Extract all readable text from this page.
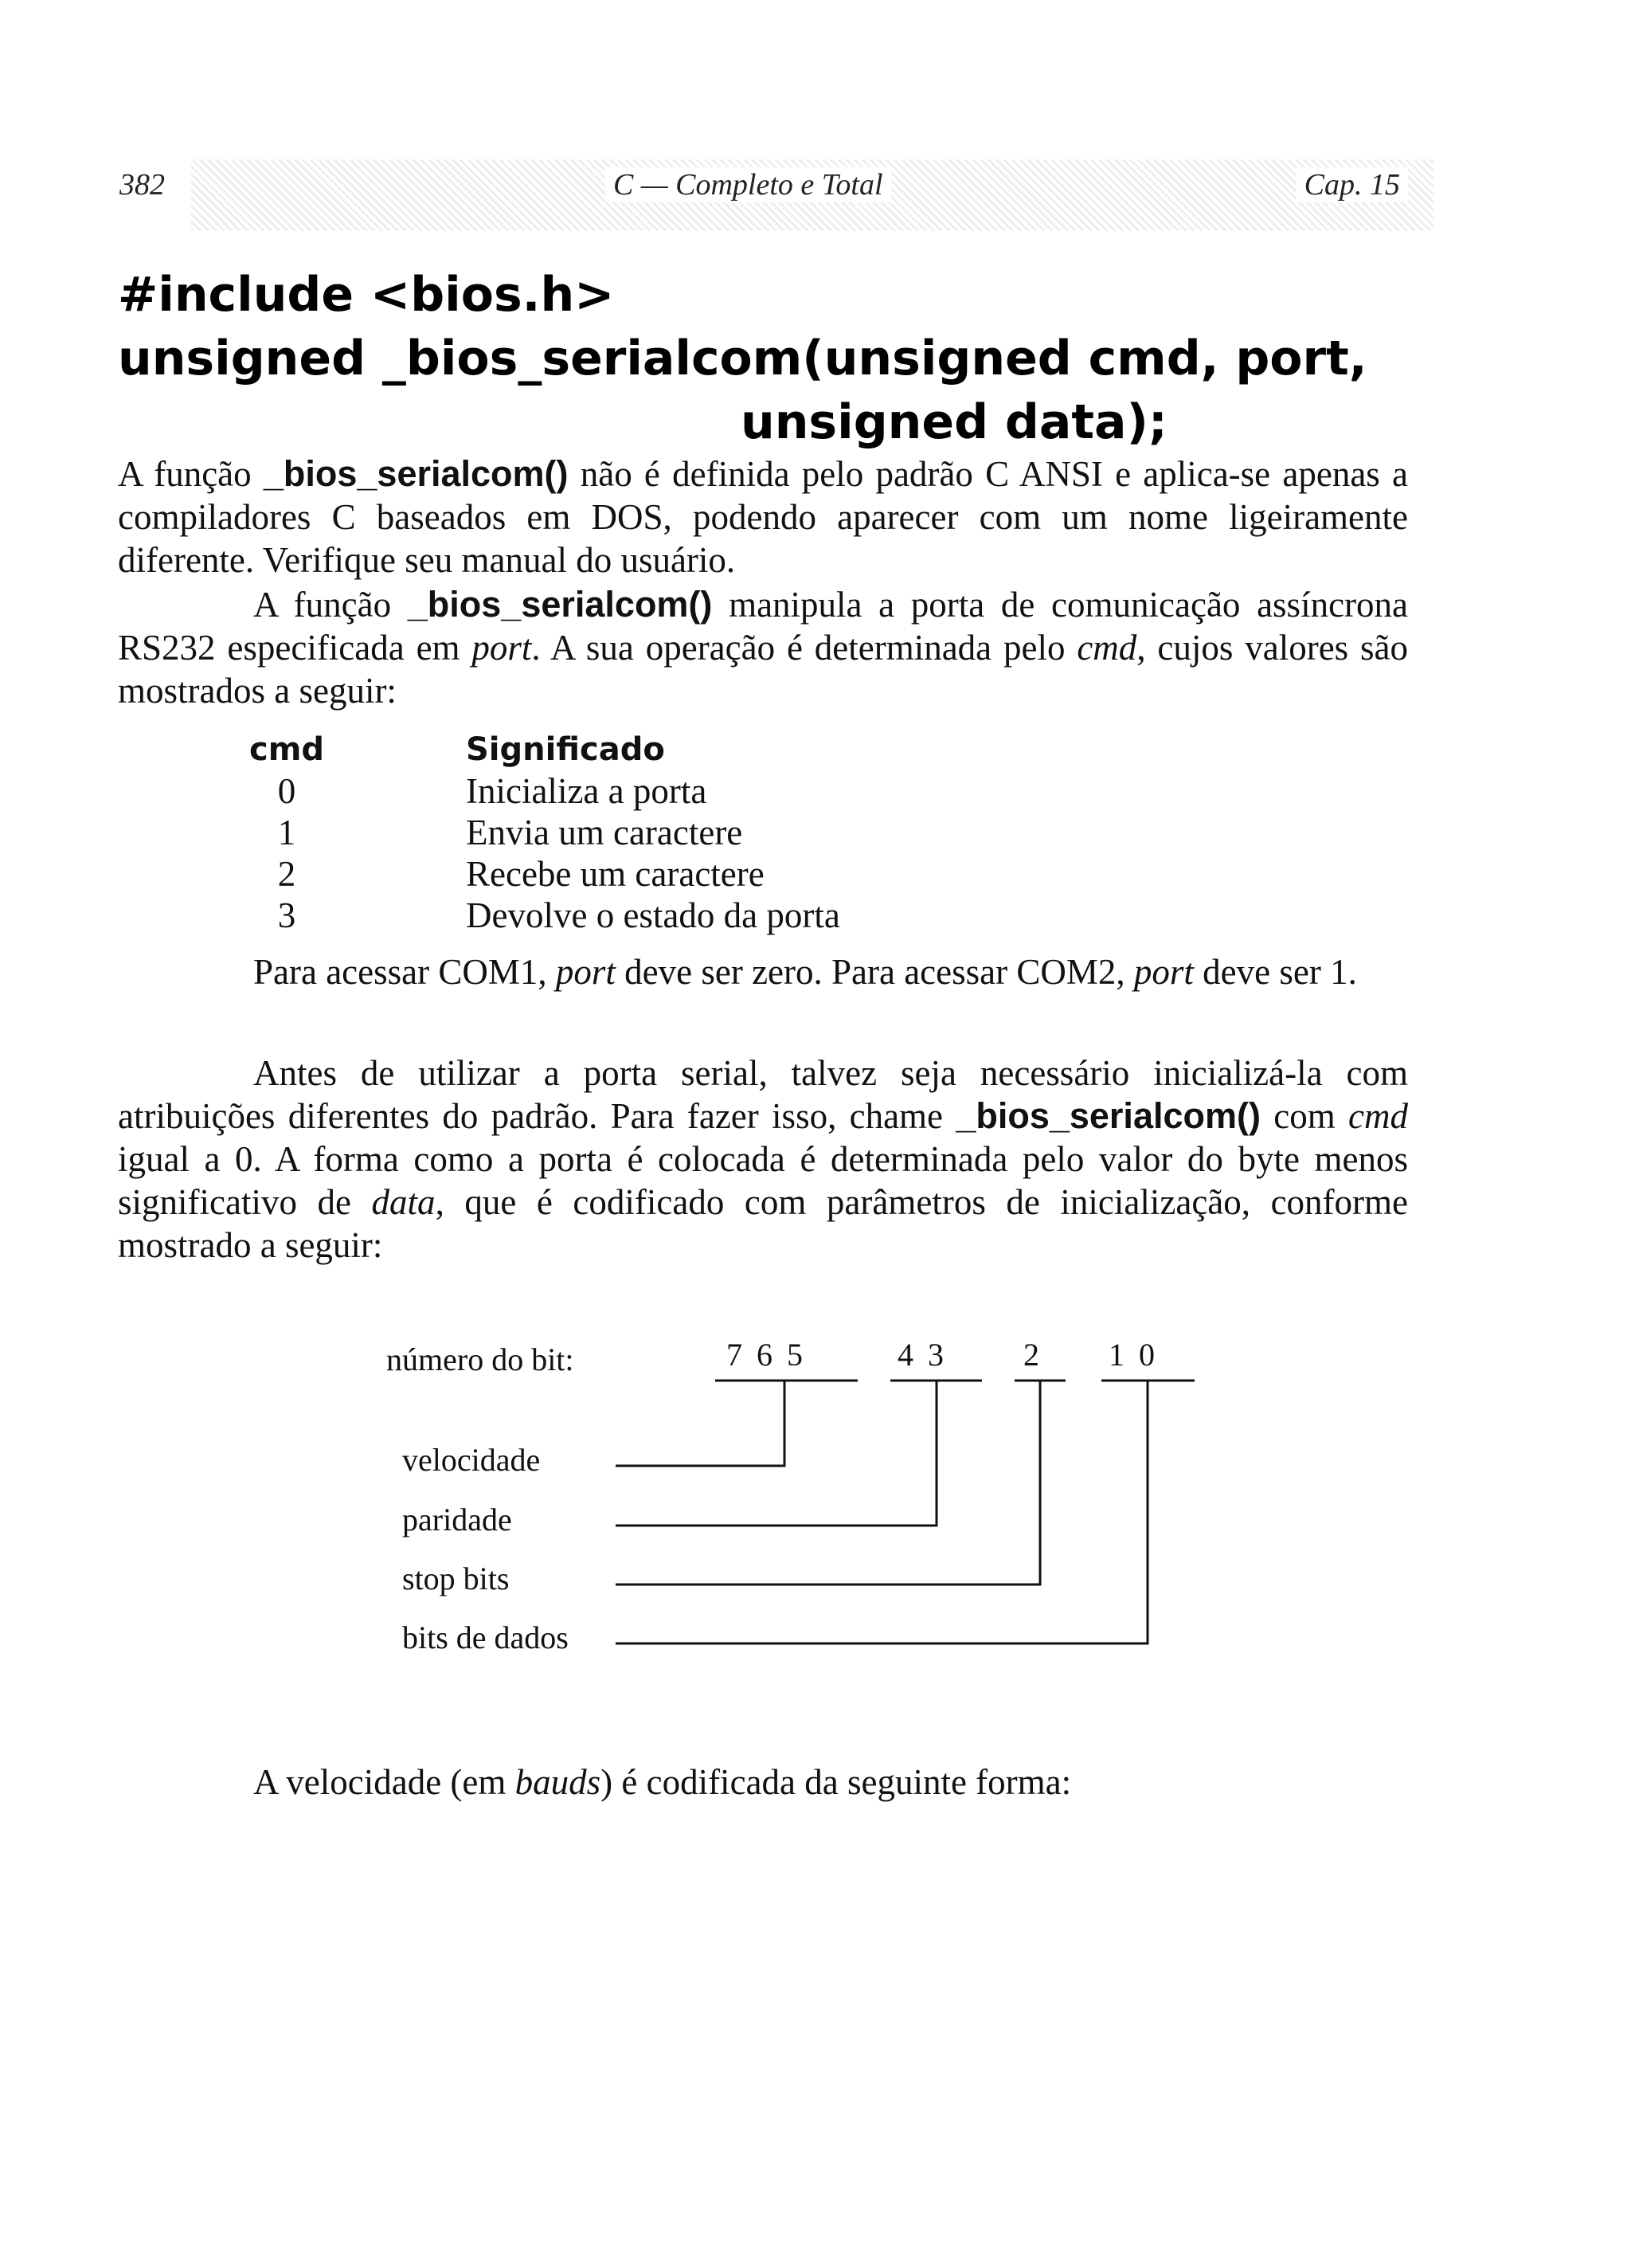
382	C — Completo e Total	Cap. 15
#include <bios.h>
unsigned _bios_serialcom(unsigned cmd, port,
unsigned data);
A função _bios_serialcom() não é definida pelo padrão C ANSI e aplica-se apenas a compiladores C baseados em DOS, podendo aparecer com um nome ligeiramente diferente. Verifique seu manual do usuário.
A função _bios_serialcom() manipula a porta de comunicação assíncrona RS232 especificada em port. A sua operação é determinada pelo cmd, cujos valores são mostrados a seguir:
cmd	Significado
0	Inicializa a porta
1	Envia um caractere
2	Recebe um caractere
3	Devolve o estado da porta
Para acessar COM1, port deve ser zero. Para acessar COM2, port deve ser 1.
Antes de utilizar a porta serial, talvez seja necessário inicializá-la com atribuições diferentes do padrão. Para fazer isso, chame _bios_serialcom() com cmd igual a 0. A forma como a porta é colocada é determinada pelo valor do byte menos significativo de data, que é codificado com parâmetros de inicialização, conforme mostrado a seguir:
número do bit:	7 6 5	4 3	2 1 0
velocidade
paridade
stop bits
bits de dados
A velocidade (em bauds) é codificada da seguinte forma:
